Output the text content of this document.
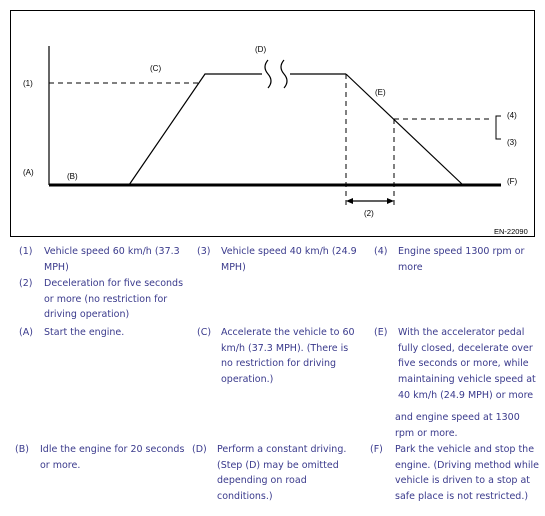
(1)
(A)	(B)
(C)
(D)
(E)
(4)
(3)
(F)
(2)
EN-22090
(1) Vehicle speed 60 km/h (37.3 MPH)
(2) Deceleration for five seconds or more (no restriction for driving operation)
(3) Vehicle speed 40 km/h (24.9 MPH)
(4) Engine speed 1300 rpm or more
(A) Start the engine.	(C) Accelerate the vehicle to 60 km/h (37.3 MPH). (There is no restriction for driving operation.)
(E) With the accelerator pedal fully closed, decelerate over five seconds or more, while maintaining vehicle speed at 40 km/h (24.9 MPH) or more
and engine speed at 1300 rpm or more.
(B) Idle the engine for 20 seconds or more.
(D) Perform a constant driving. (Step (D) may be omitted depending on road conditions.)
(F) Park the vehicle and stop the engine. (Driving method while vehicle is driven to a stop at safe place is not restricted.)
